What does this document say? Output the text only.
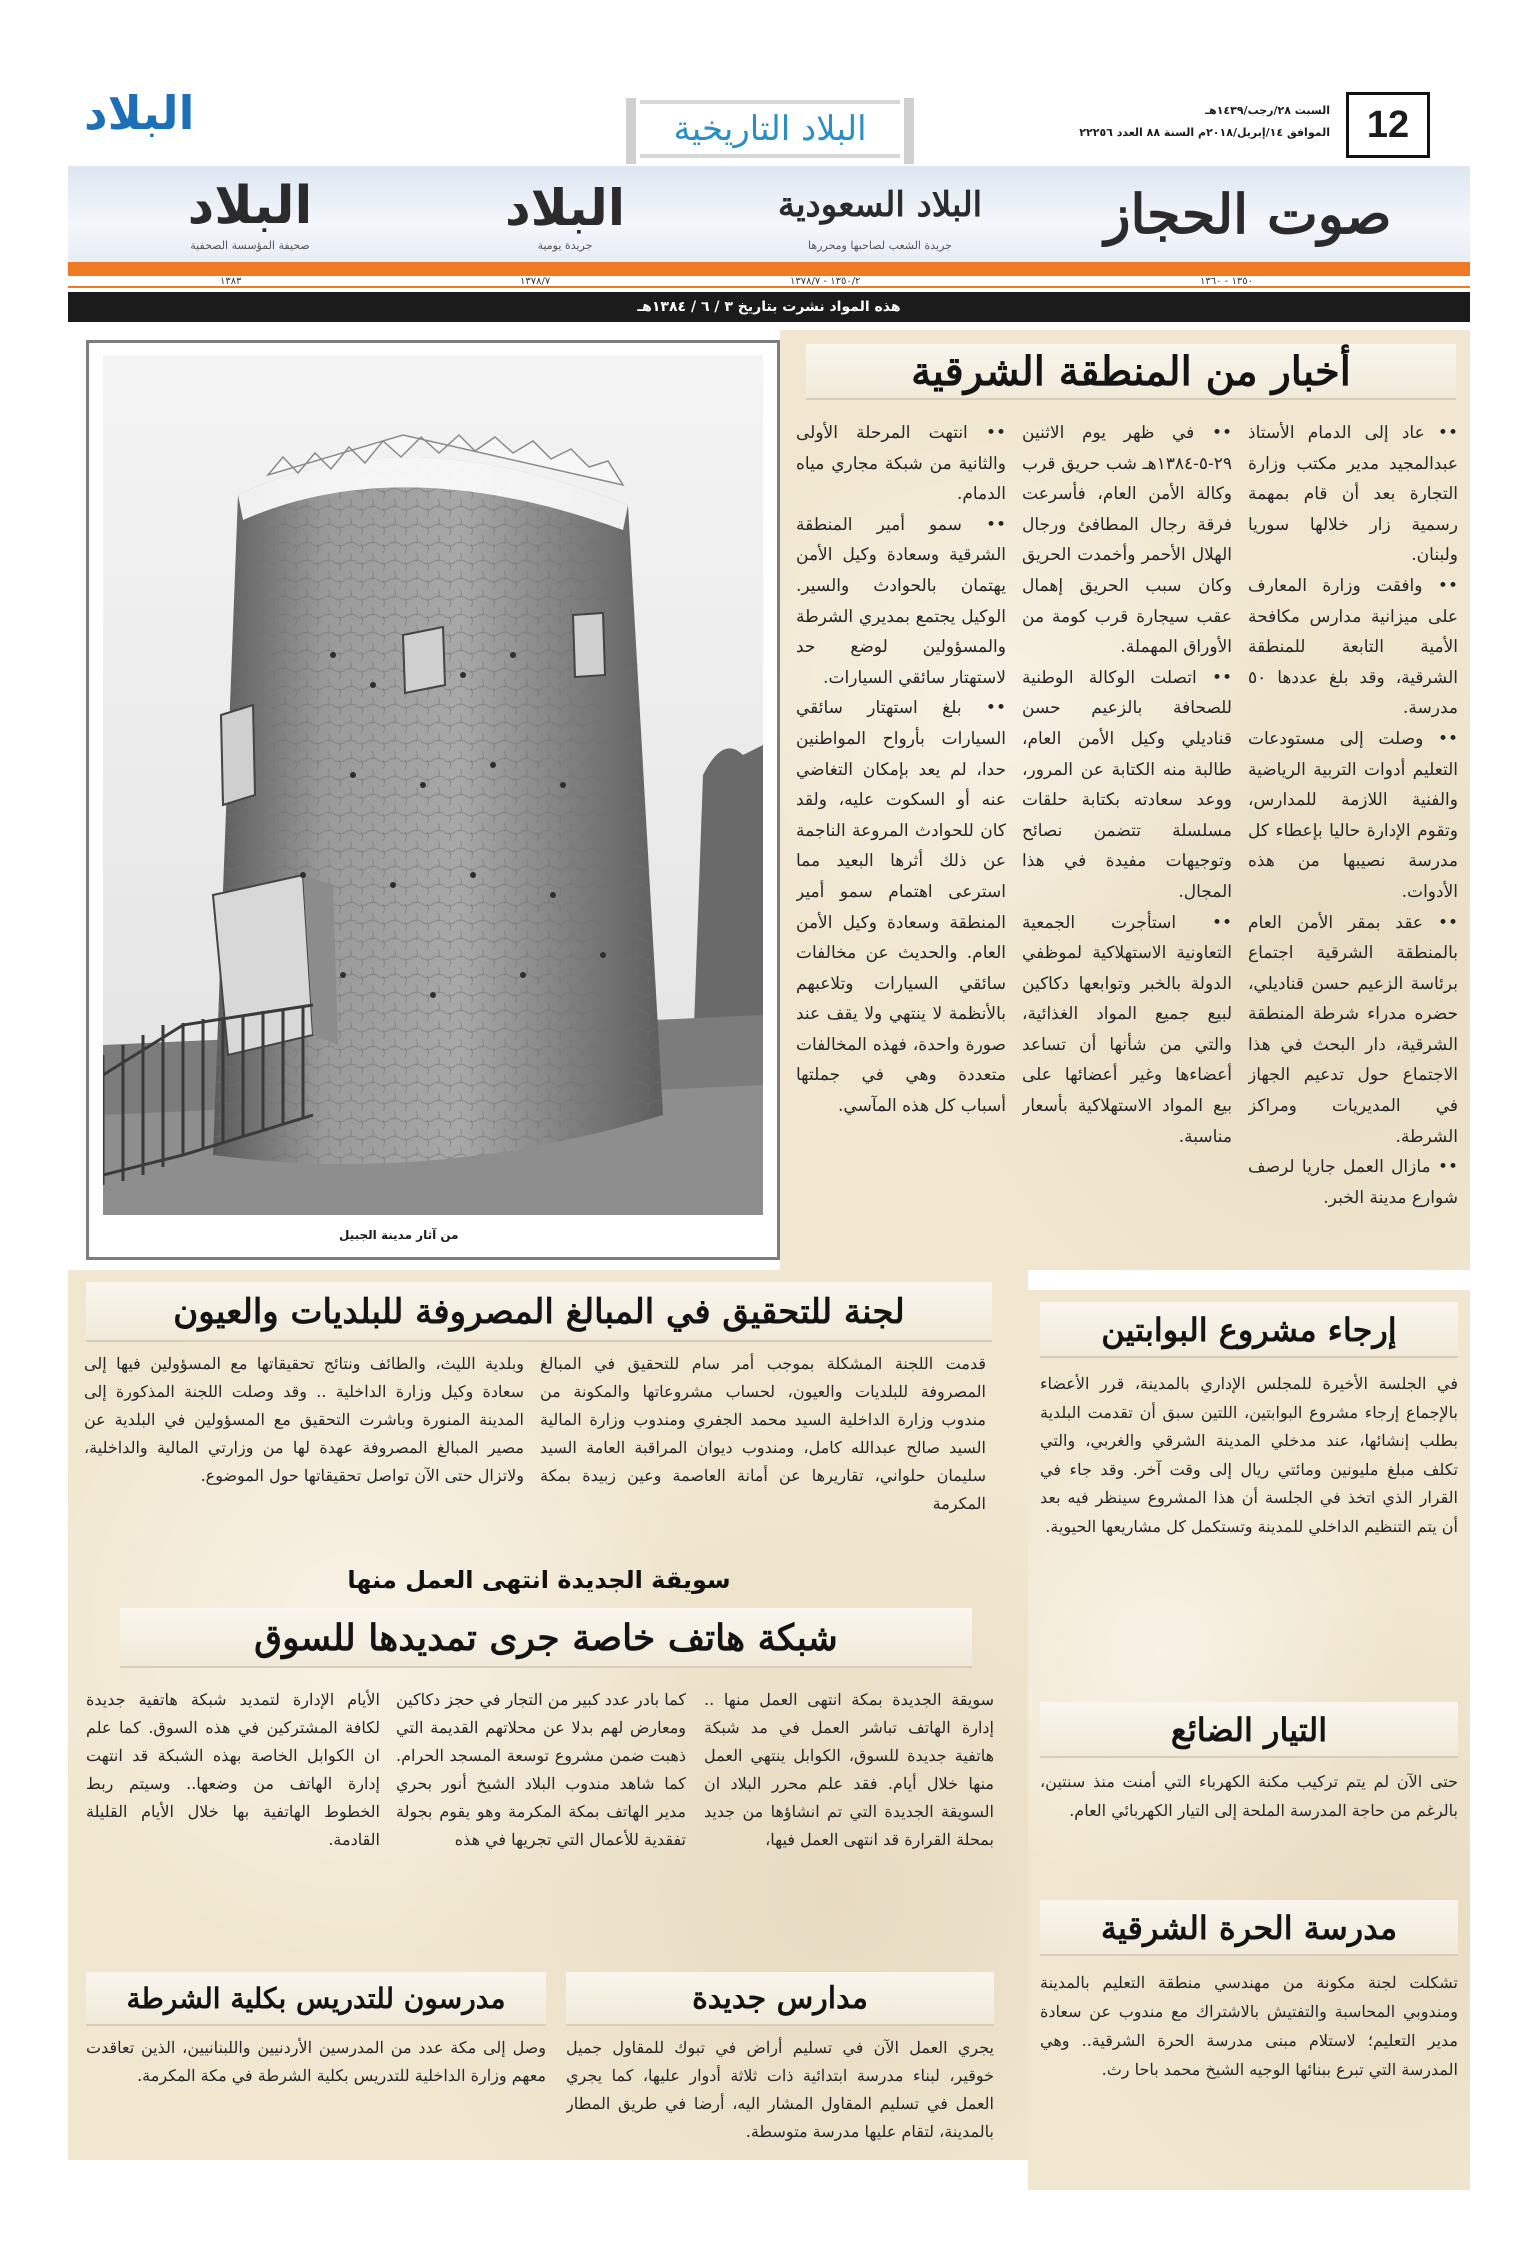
12
السبت ٢٨/رجب/١٤٣٩هـ
الموافق ١٤/إبريل/٢٠١٨م السنة ٨٨ العدد ٢٢٢٥٦
البلاد التاريخية
البلاد
صوت الحجاز
البلاد السعودية
جريدة الشعب لصاحبها ومحررها
البلاد
جريدة يومية
البلاد
صحيفة المؤسسة الصحفية
١٣٥٠ - ١٣٦٠
١٣٥٠/٢ - ١٣٧٨/٧
١٣٧٨/٧
١٣٨٣
هذه المواد نشرت بتاريخ ٣ / ٦ / ١٣٨٤هـ
من آثار مدينة الجبيل
أخبار من المنطقة الشرقية

•• عاد إلى الدمام الأستاذ عبدالمجيد مدير مكتب وزارة التجارة بعد أن قام بمهمة رسمية زار خلالها سوريا ولبنان.

•• وافقت وزارة المعارف على ميزانية مدارس مكافحة الأمية التابعة للمنطقة الشرقية، وقد بلغ عددها ٥٠ مدرسة.

•• وصلت إلى مستودعات التعليم أدوات التربية الرياضية والفنية اللازمة للمدارس، وتقوم الإدارة حاليا بإعطاء كل مدرسة نصيبها من هذه الأدوات.

•• عقد بمقر الأمن العام بالمنطقة الشرقية اجتماع برئاسة الزعيم حسن قناديلي، حضره مدراء شرطة المنطقة الشرقية، دار البحث في هذا الاجتماع حول تدعيم الجهاز في المديريات ومراكز الشرطة.

•• مازال العمل جاريا لرصف شوارع مدينة الخبر.

•• في ظهر يوم الاثنين ٢٩-٥-١٣٨٤هـ شب حريق قرب وكالة الأمن العام، فأسرعت فرقة رجال المطافئ ورجال الهلال الأحمر وأخمدت الحريق وكان سبب الحريق إهمال عقب سيجارة قرب كومة من الأوراق المهملة.

•• اتصلت الوكالة الوطنية للصحافة بالزعيم حسن قناديلي وكيل الأمن العام، طالبة منه الكتابة عن المرور، ووعد سعادته بكتابة حلقات مسلسلة تتضمن نصائح وتوجيهات مفيدة في هذا المجال.

•• استأجرت الجمعية التعاونية الاستهلاكية لموظفي الدولة بالخبر وتوابعها دكاكين لبيع جميع المواد الغذائية، والتي من شأنها أن تساعد أعضاءها وغير أعضائها على بيع المواد الاستهلاكية بأسعار مناسبة.

•• انتهت المرحلة الأولى والثانية من شبكة مجاري مياه الدمام.

•• سمو أمير المنطقة الشرقية وسعادة وكيل الأمن يهتمان بالحوادث والسير. الوكيل يجتمع بمديري الشرطة والمسؤولين لوضع حد لاستهتار سائقي السيارات.

•• بلغ استهتار سائقي السيارات بأرواح المواطنين حدا، لم يعد بإمكان التغاضي عنه أو السكوت عليه، ولقد كان للحوادث المروعة الناجمة عن ذلك أثرها البعيد مما استرعى اهتمام سمو أمير المنطقة وسعادة وكيل الأمن العام. والحديث عن مخالفات سائقي السيارات وتلاعبهم بالأنظمة لا ينتهي ولا يقف عند صورة واحدة، فهذه المخالفات متعددة وهي في جملتها أسباب كل هذه المآسي.

لجنة للتحقيق في المبالغ المصروفة للبلديات والعيون
قدمت اللجنة المشكلة بموجب أمر سام للتحقيق في المبالغ المصروفة للبلديات والعيون، لحساب مشروعاتها والمكونة من مندوب وزارة الداخلية السيد محمد الجفري ومندوب وزارة المالية السيد صالح عبدالله كامل، ومندوب ديوان المراقبة العامة السيد سليمان حلواني، تقاريرها عن أمانة العاصمة وعين زبيدة بمكة المكرمة
وبلدية الليث، والطائف ونتائج تحقيقاتها مع المسؤولين فيها إلى سعادة وكيل وزارة الداخلية .. وقد وصلت اللجنة المذكورة إلى المدينة المنورة وباشرت التحقيق مع المسؤولين في البلدية عن مصير المبالغ المصروفة عهدة لها من وزارتي المالية والداخلية، ولاتزال حتى الآن تواصل تحقيقاتها حول الموضوع.
سويقة الجديدة انتهى العمل منها
شبكة هاتف خاصة جرى تمديدها للسوق
سويقة الجديدة بمكة انتهى العمل منها .. إدارة الهاتف تباشر العمل في مد شبكة هاتفية جديدة للسوق، الكوابل ينتهي العمل منها خلال أيام. فقد علم محرر البلاد ان السويقة الجديدة التي تم انشاؤها من جديد بمحلة القرارة قد انتهى العمل فيها،
كما بادر عدد كبير من التجار في حجز دكاكين ومعارض لهم بدلا عن محلاتهم القديمة التي ذهبت ضمن مشروع توسعة المسجد الحرام. كما شاهد مندوب البلاد الشيخ أنور بحري مدير الهاتف بمكة المكرمة وهو يقوم بجولة تفقدية للأعمال التي تجريها في هذه
الأيام الإدارة لتمديد شبكة هاتفية جديدة لكافة المشتركين في هذه السوق. كما علم ان الكوابل الخاصة بهذه الشبكة قد انتهت إدارة الهاتف من وضعها.. وسيتم ربط الخطوط الهاتفية بها خلال الأيام القليلة القادمة.
مدارس جديدة
يجري العمل الآن في تسليم أراض في تبوك للمقاول جميل خوقير، لبناء مدرسة ابتدائية ذات ثلاثة أدوار عليها، كما يجري العمل في تسليم المقاول المشار اليه، أرضا في طريق المطار بالمدينة، لتقام عليها مدرسة متوسطة.
مدرسون للتدريس بكلية الشرطة
وصل إلى مكة عدد من المدرسين الأردنيين واللبنانيين، الذين تعاقدت معهم وزارة الداخلية للتدريس بكلية الشرطة في مكة المكرمة.
إرجاء مشروع البوابتين
في الجلسة الأخيرة للمجلس الإداري بالمدينة، قرر الأعضاء بالإجماع إرجاء مشروع البوابتين، اللتين سبق أن تقدمت البلدية بطلب إنشائها، عند مدخلي المدينة الشرقي والغربي، والتي تكلف مبلغ مليونين ومائتي ريال إلى وقت آخر. وقد جاء في القرار الذي اتخذ في الجلسة أن هذا المشروع سينظر فيه بعد أن يتم التنظيم الداخلي للمدينة وتستكمل كل مشاريعها الحيوية.
التيار الضائع
حتى الآن لم يتم تركيب مكنة الكهرباء التي أمنت منذ سنتين، بالرغم من حاجة المدرسة الملحة إلى التيار الكهربائي العام.
مدرسة الحرة الشرقية
تشكلت لجنة مكونة من مهندسي منطقة التعليم بالمدينة ومندوبي المحاسبة والتفتيش بالاشتراك مع مندوب عن سعادة مدير التعليم؛ لاستلام مبنى مدرسة الحرة الشرقية.. وهي المدرسة التي تبرع ببنائها الوجيه الشيخ محمد باحا رث.
